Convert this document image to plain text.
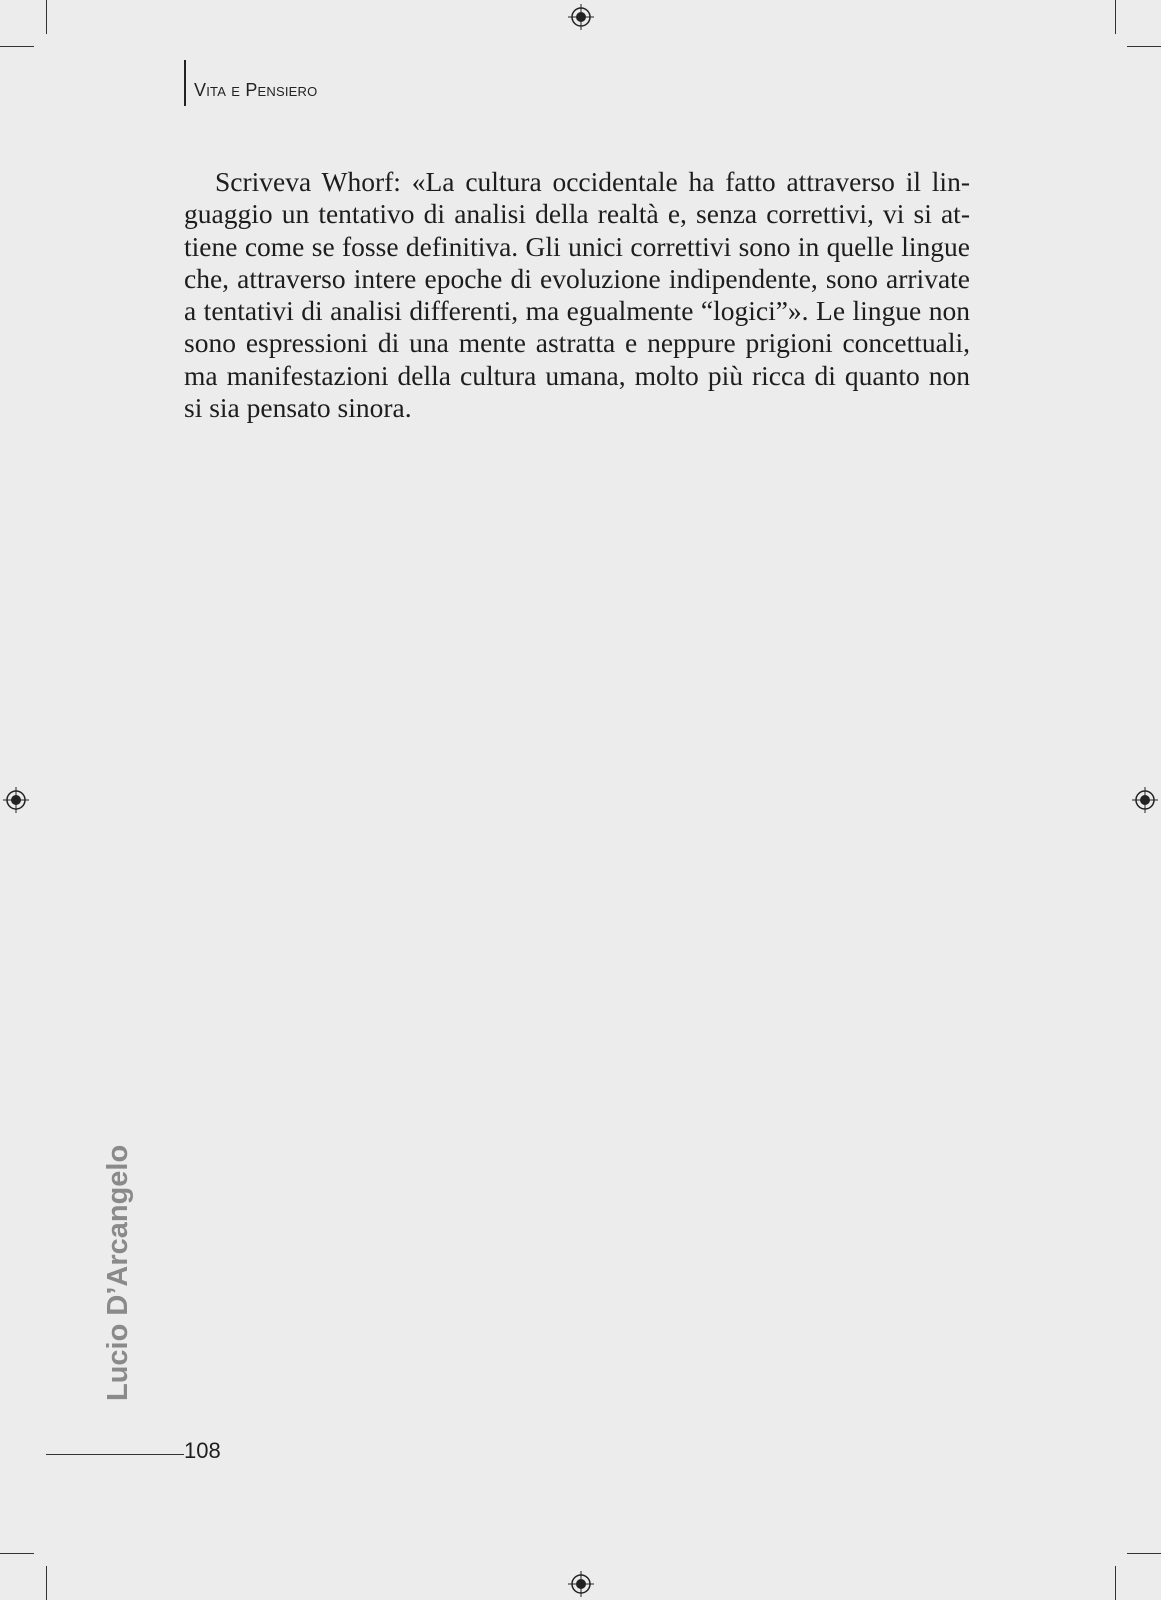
Vita e Pensiero

Scriveva Whorf: «La cultura occidentale ha fatto attraverso il linguaggio un tentativo di analisi della realtà e, senza correttivi, vi si attiene come se fosse definitiva. Gli unici correttivi sono in quelle lingue che, attraverso intere epoche di evoluzione indipendente, sono arrivate a tentativi di analisi differenti, ma egualmente “logici”». Le lingue non sono espressioni di una mente astratta e neppure prigioni concettuali, ma manifestazioni della cultura umana, molto più ricca di quanto non si sia pensato sinora.

Lucio D’Arcangelo
108
